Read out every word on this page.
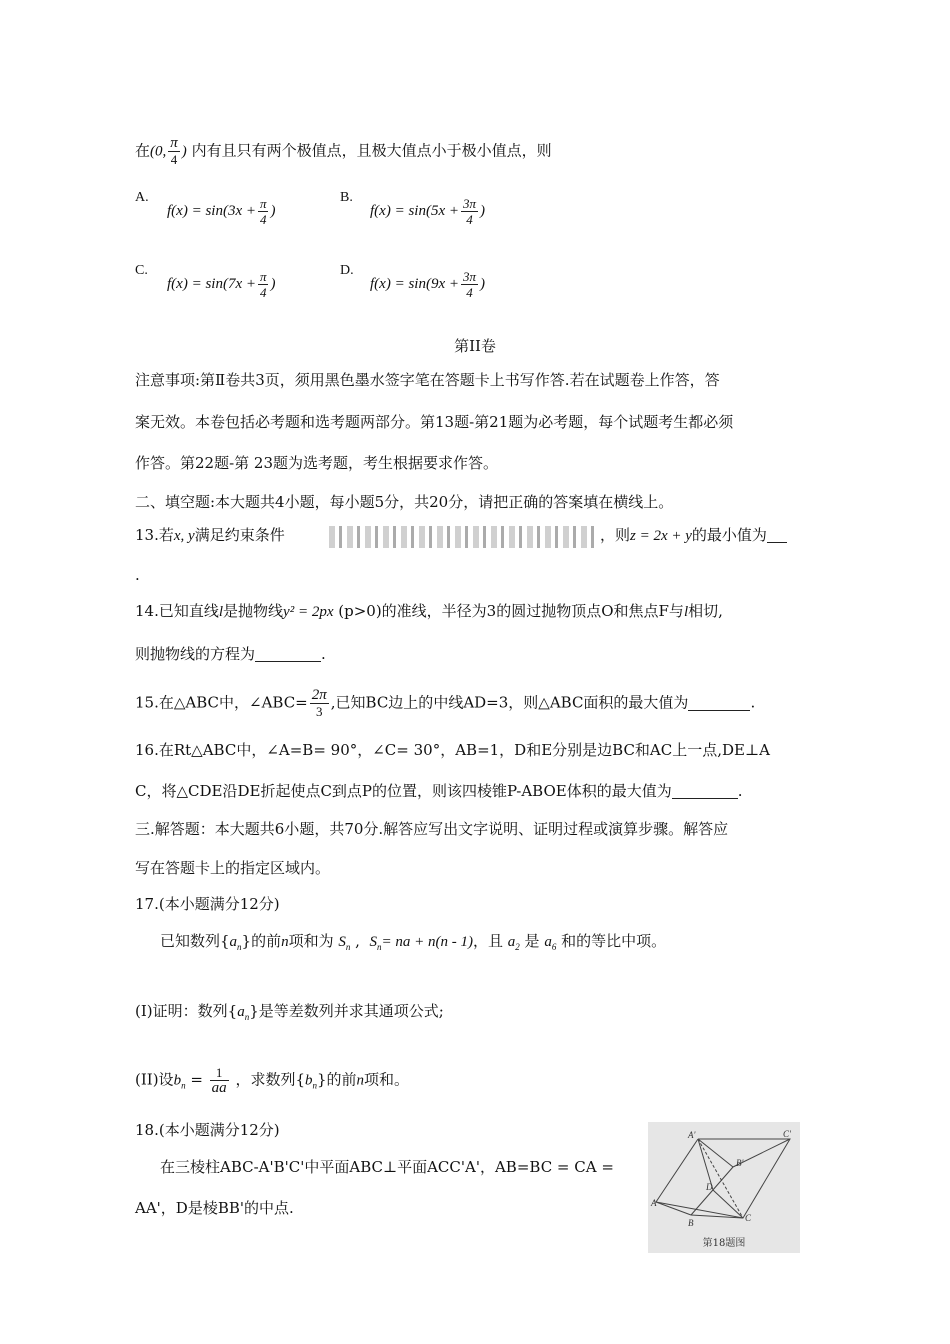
在(0, $\frac{\pi}{4}$ ) 内有且只有两个极值点，且极大值点小于极小值点，则
A.
$f(x) = \sin(3x + \frac{\pi}{4}$ )
B.
$f(x) = \sin(5x + \frac{3\pi}{4}$ )
C.
$f(x) = \sin(7x + \frac{\pi}{4}$ )
D.
$f(x) = \sin(9x + \frac{3\pi}{4}$ )
第II卷
注意事项:第Ⅱ卷共3页，须用黑色墨水签字笔在答题卡上书写作答.若在试题卷上作答，答
案无效。本卷包括必考题和选考题两部分。第13题-第21题为必考题，每个试题考生都必须
作答。第22题-第 23题为选考题，考生根据要求作答。
二、填空题:本大题共4小题，每小题5分，共20分，请把正确的答案填在横线上。
13.若x, y满足约束条件	，则z = 2x + y的最小值为
.
14.已知直线l是抛物线y² = 2px (p>0)的准线，半径为3的圆过抛物顶点O和焦点F与l相切,
则抛物线的方程为	.
15.在△ABC中，∠ABC= $\frac{2\pi}{3}$ ,已知BC边上的中线AD=3，则△ABC面积的最大值为	.
16.在Rt△ABC中，∠A=B= 90°，∠C= 30°，AB=1，D和E分别是边BC和AC上一点,DE⊥A
C，将△CDE沿DE折起使点C到点P的位置，则该四棱锥P-ABOE体积的最大值为	.
三.解答题：本大题共6小题，共70分.解答应写出文字说明、证明过程或演算步骤。解答应
写在答题卡上的指定区域内。
17.(本小题满分12分)
已知数列$\{a_n\}$的前n项和为 $S_n$ ,  $S_n=$ na + n(n - 1)，且 $a_2$ 是 $a_6$ 和的等比中项。
(I)证明：数列$\{a_n\}$是等差数列并求其通项公式;
(II)设$b_n = \frac{1}{aa}$ ，求数列$\{b_n\}$的前n项和。
18.(本小题满分12分)
在三棱柱ABC-A'B'C'中平面ABC⊥平面ACC'A'，AB=BC = CA =
AA'，D是棱BB'的中点.
A'	C'
B'
D
A
C
B
第18题图
